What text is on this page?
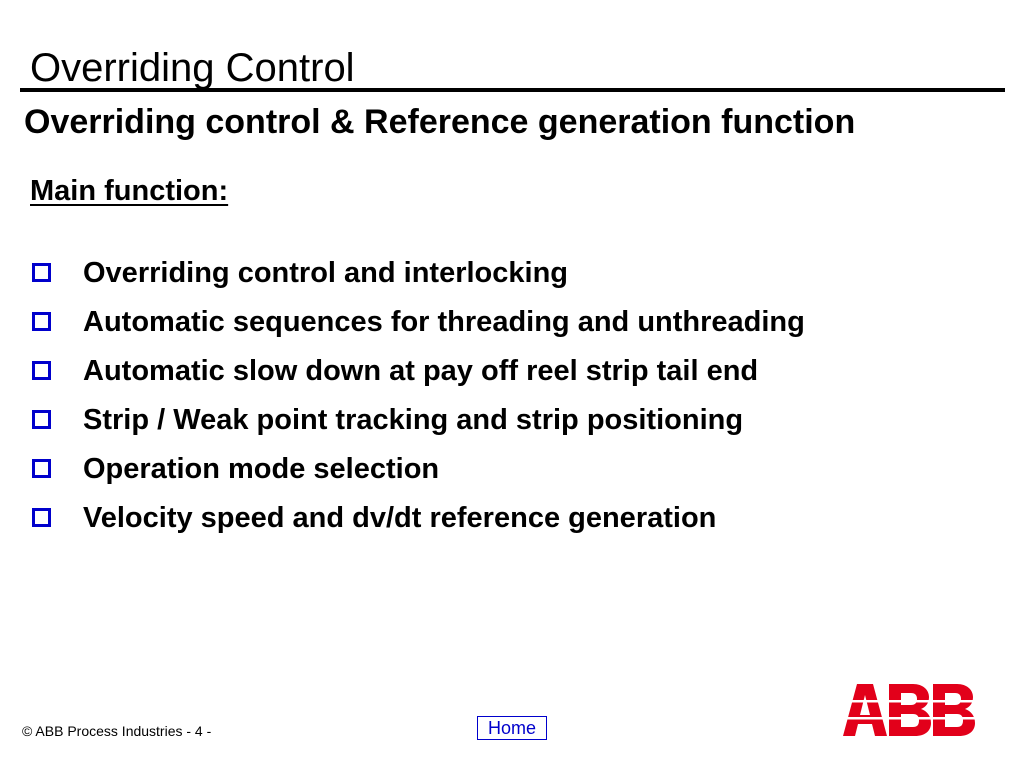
Overriding Control
Overriding control & Reference generation function
Main function:
Overriding control and interlocking
Automatic sequences for threading and unthreading
Automatic slow down at pay off reel strip tail end
Strip / Weak point tracking and strip positioning
Operation mode selection
Velocity speed and dv/dt reference generation
© ABB Process Industries - 4 -	Home
